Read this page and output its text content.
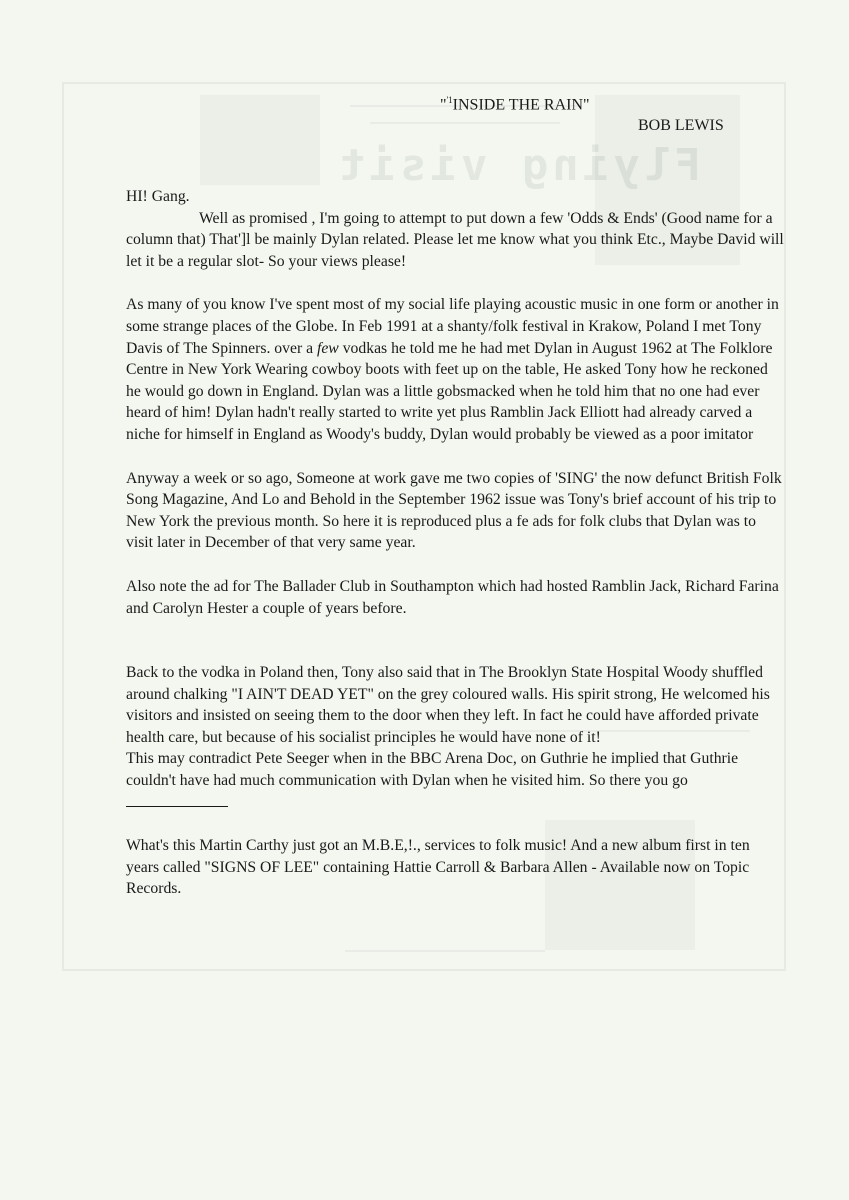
Flying visit
"$^{'1}$INSIDE THE RAIN"
BOB LEWIS

HI! Gang.

Well as promised , I'm going to attempt to put down a few 'Odds & Ends' (Good name for a column that) That']l be mainly Dylan related. Please let me know what you think Etc., Maybe David will let it be a regular slot- So your views please!

As many of you know I've spent most of my social life playing acoustic music in one form or another in some strange places of the Globe. In Feb 1991 at a shanty/folk festival in Krakow, Poland I met Tony Davis of The Spinners. over a few vodkas he told me he had met Dylan in August 1962 at The Folklore Centre in New York Wearing cowboy boots with feet up on the table, He asked Tony how he reckoned he would go down in England. Dylan was a little gobsmacked when he told him that no one had ever heard of him! Dylan hadn't really started to write yet plus Ramblin Jack Elliott had already carved a niche for himself in England as Woody's buddy, Dylan would probably be viewed as a poor imitator

Anyway a week or so ago, Someone at work gave me two copies of 'SING' the now defunct British Folk Song Magazine, And Lo and Behold in the September 1962 issue was Tony's brief account of his trip to New York the previous month. So here it is reproduced plus a fe ads for folk clubs that Dylan was to visit later in December of that very same year.

Also note the ad for The Ballader Club in Southampton which had hosted Ramblin Jack, Richard Farina and Carolyn Hester a couple of years before.

Back to the vodka in Poland then, Tony also said that in The Brooklyn State Hospital Woody shuffled around chalking "I AIN'T DEAD YET" on the grey coloured walls. His spirit strong, He welcomed his visitors and insisted on seeing them to the door when they left. In fact he could have afforded private health care, but because of his socialist principles he would have none of it!

This may contradict Pete Seeger when in the BBC Arena Doc, on Guthrie he implied that Guthrie couldn't have had much communication with Dylan when he visited him. So there you go

What's this Martin Carthy just got an M.B.E,!., services to folk music! And a new album first in ten years called "SIGNS OF LEE" containing Hattie Carroll & Barbara Allen - Available now on Topic Records.
